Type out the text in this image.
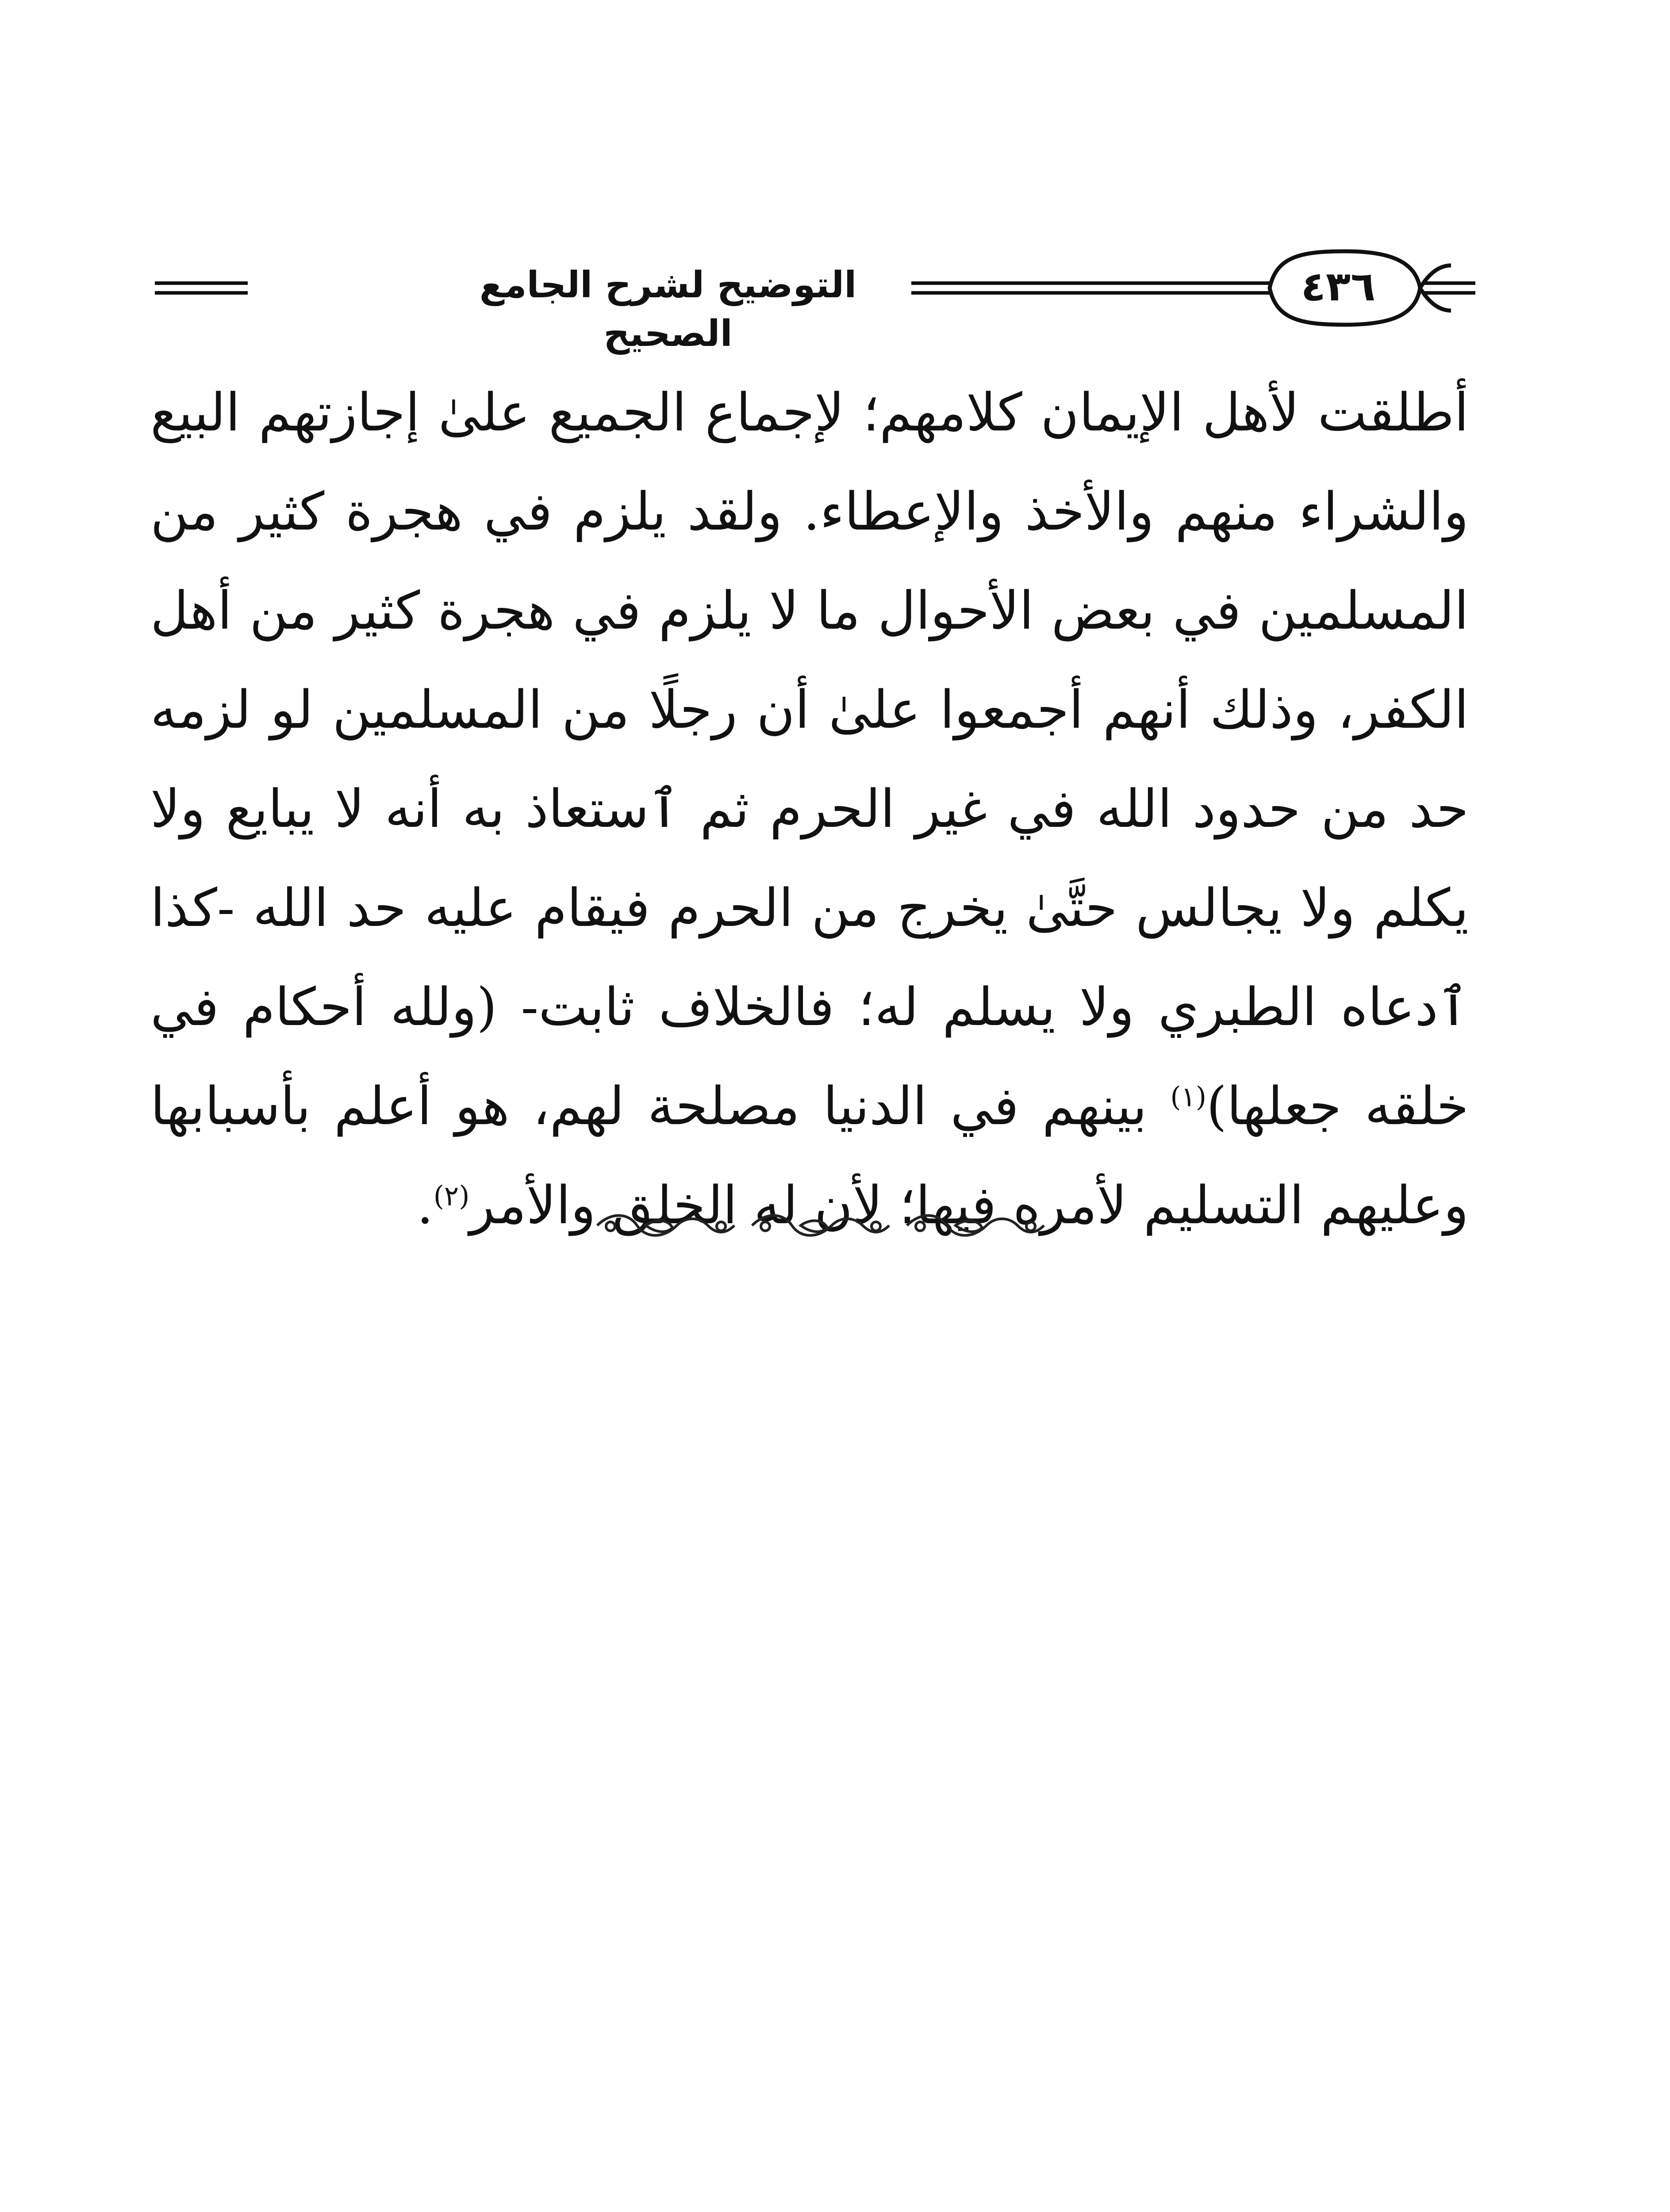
٤٣٦
التوضيح لشرح الجامع الصحيح

أطلقت لأهل الإيمان كلامهم؛ لإجماع الجميع علىٰ إجازتهم البيع والشراء منهم والأخذ والإعطاء. ولقد يلزم في هجرة كثير من المسلمين في بعض الأحوال ما لا يلزم في هجرة كثير من أهل الكفر، وذلك أنهم أجمعوا علىٰ أن رجلًا من المسلمين لو لزمه حد من حدود الله في غير الحرم ثم ٱستعاذ به أنه لا يبايع ولا يكلم ولا يجالس حتَّىٰ يخرج من الحرم فيقام عليه حد الله -كذا ٱدعاه الطبري ولا يسلم له؛ فالخلاف ثابت- (ولله أحكام في خلقه جعلها)$^{(١)}$ بينهم في الدنيا مصلحة لهم، هو أعلم بأسبابها وعليهم التسليم لأمره فيها؛ لأن له الخلق والأمر$^{(٢)}$.
